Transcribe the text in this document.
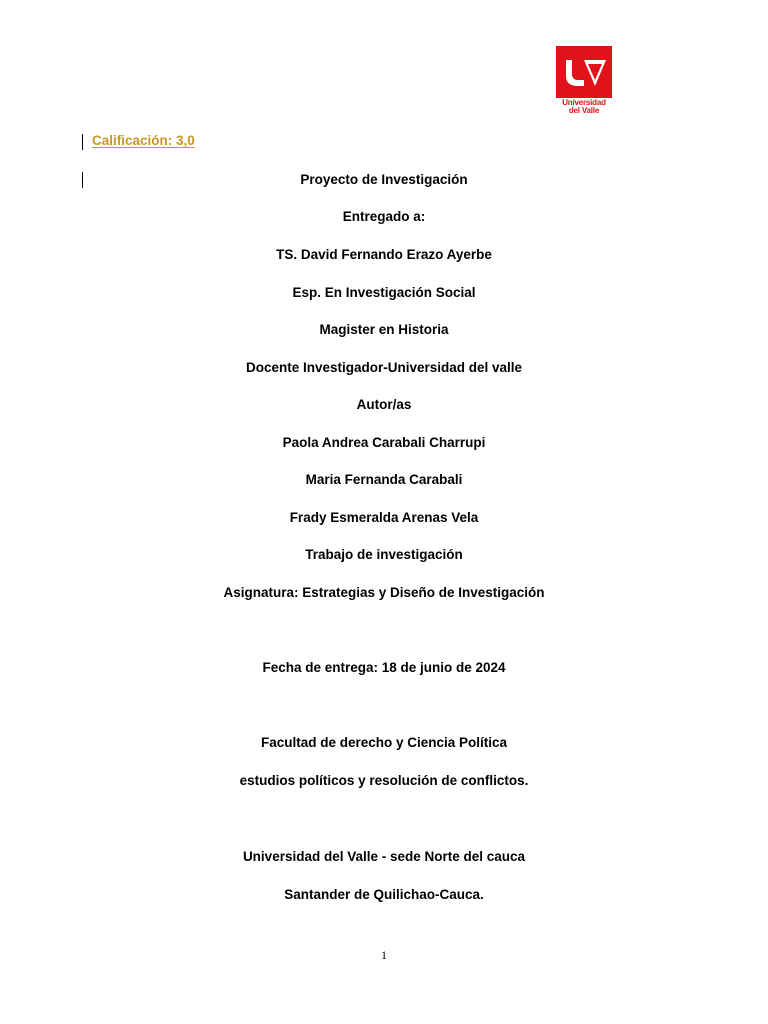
Universidad
del Valle
Calificación: 3,0
Proyecto de Investigación
Entregado a:
TS. David Fernando Erazo Ayerbe
Esp. En Investigación Social
Magister en Historia
Docente Investigador-Universidad del valle
Autor/as
Paola Andrea Carabali Charrupi
Maria Fernanda Carabali
Frady Esmeralda Arenas Vela
Trabajo de investigación
Asignatura: Estrategias y Diseño de Investigación
Fecha de entrega: 18 de junio de 2024
Facultad de derecho y Ciencia Política
estudios políticos y resolución de conflictos.
Universidad del Valle - sede Norte del cauca
Santander de Quilichao-Cauca.
1
